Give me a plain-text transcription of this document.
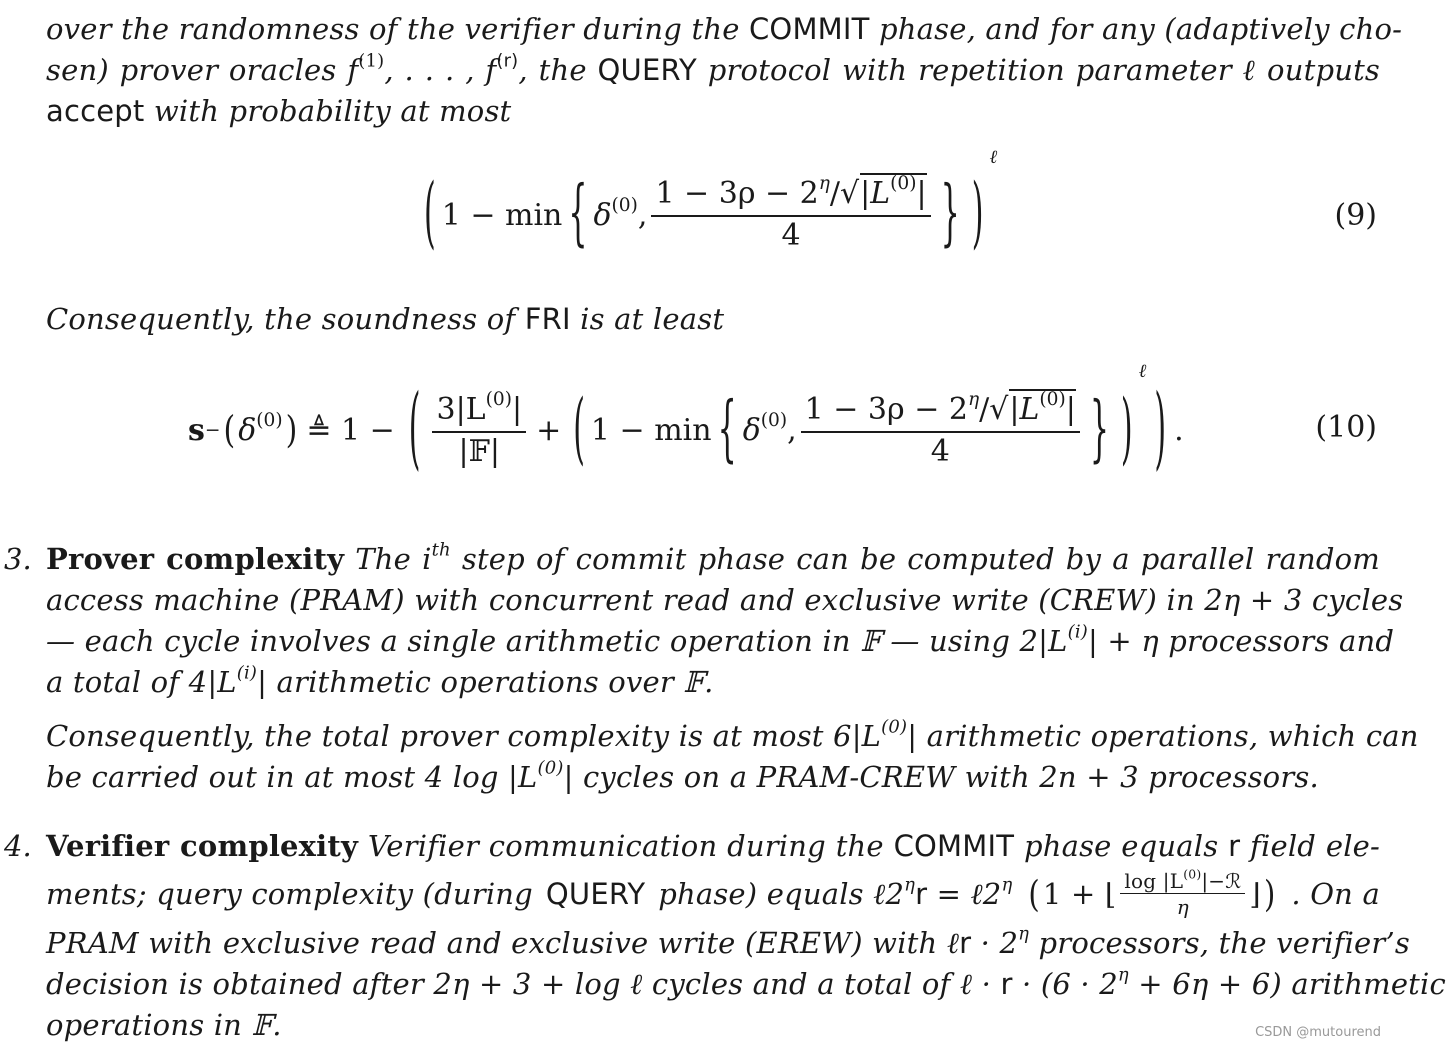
over the randomness of the verifier during the COMMIT phase, and for any (adaptively cho-
sen) prover oracles $f^{(1)}$, . . . , $f^{(r)}$, the QUERY protocol with repetition parameter ℓ outputs
accept with probability at most
( 1 − min { $\delta^{(0)}$, $\frac{1 - 3\rho - 2^\eta/√|L^{(0)}|}{4}$ } )
ℓ
(9)
Consequently, the soundness of FRI is at least
s − ( $\delta^{(0)}$ ) ≜ 1 − ( $\frac{3|L^{(0)}|}{\text{|𝔽|}}$ + ( 1 − min { $\delta^{(0)}$, $\frac{1 - 3\rho - 2^\eta/√|L^{(0)}|}{4}$ } )
ℓ
) .	(10)
3. Prover complexity The $i^{th}$ step of commit phase can be computed by a parallel random
access machine (PRAM) with concurrent read and exclusive write (CREW) in 2η + 3 cycles
— each cycle involves a single arithmetic operation in 𝔽 — using $2|L^{(i)}| + \eta$ processors and
a total of $4|L^{(i)}|$ arithmetic operations over 𝔽.
Consequently, the total prover complexity is at most $6|L^{(0)}|$ arithmetic operations, which can
be carried out in at most 4 $\log |L^{(0)}|$ cycles on a PRAM-CREW with 2n + 3 processors.
4. Verifier complexity Verifier communication during the COMMIT phase equals r field ele-
ments; query complexity (during QUERY phase) equals $\ell 2^\eta r$ = $\ell 2^\eta$ ( 1 + ⌊ $\frac{\log |L^{(0)}|-ℛ}{\eta}$ ⌋ ) . On a
PRAM with exclusive read and exclusive write (EREW) with ℓr · $2^\eta$ processors, the verifier’s
decision is obtained after 2η + 3 + log ℓ cycles and a total of ℓ · $r \cdot (6 \cdot 2^\eta + 6\eta + 6)$ arithmetic
operations in 𝔽.	CSDN @mutourend
